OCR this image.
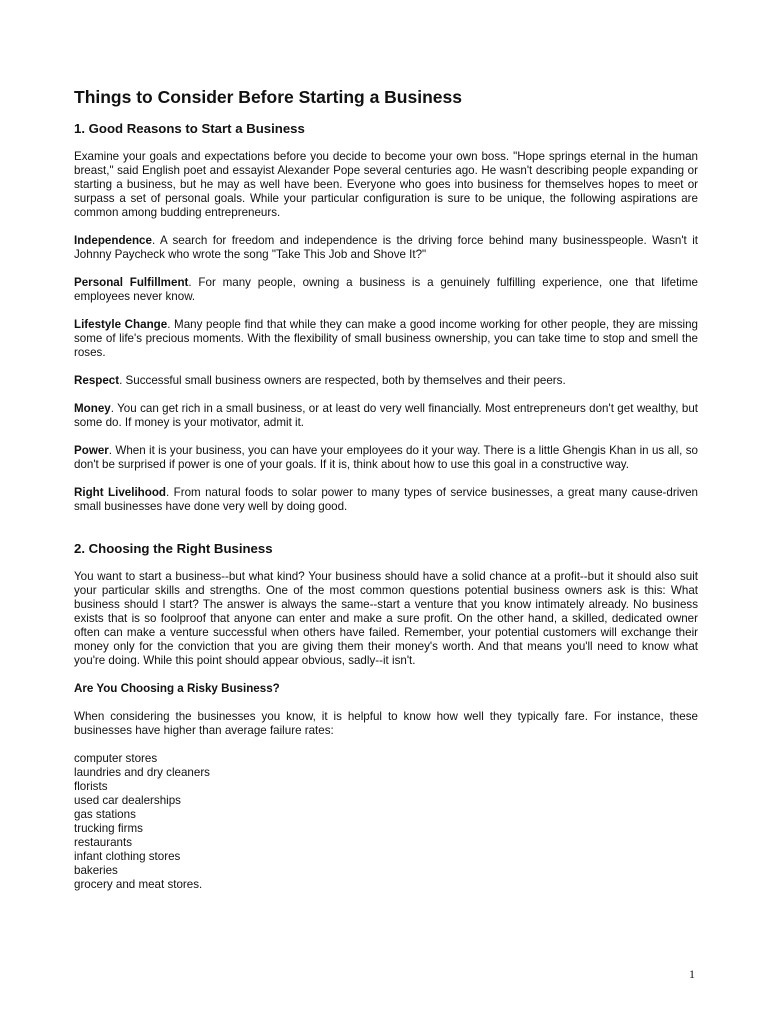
Things to Consider Before Starting a Business
1. Good Reasons to Start a Business

Examine your goals and expectations before you decide to become your own boss. "Hope springs eternal in the human breast," said English poet and essayist Alexander Pope several centuries ago. He wasn't describing people expanding or starting a business, but he may as well have been. Everyone who goes into business for themselves hopes to meet or surpass a set of personal goals. While your particular configuration is sure to be unique, the following aspirations are common among budding entrepreneurs.

Independence. A search for freedom and independence is the driving force behind many businesspeople. Wasn't it Johnny Paycheck who wrote the song "Take This Job and Shove It?"

Personal Fulfillment. For many people, owning a business is a genuinely fulfilling experience, one that lifetime employees never know.

Lifestyle Change. Many people find that while they can make a good income working for other people, they are missing some of life's precious moments. With the flexibility of small business ownership, you can take time to stop and smell the roses.

Respect. Successful small business owners are respected, both by themselves and their peers.

Money. You can get rich in a small business, or at least do very well financially. Most entrepreneurs don't get wealthy, but some do. If money is your motivator, admit it.

Power. When it is your business, you can have your employees do it your way. There is a little Ghengis Khan in us all, so don't be surprised if power is one of your goals. If it is, think about how to use this goal in a constructive way.

Right Livelihood. From natural foods to solar power to many types of service businesses, a great many cause-driven small businesses have done very well by doing good.

2. Choosing the Right Business

You want to start a business--but what kind? Your business should have a solid chance at a profit--but it should also suit your particular skills and strengths. One of the most common questions potential business owners ask is this: What business should I start? The answer is always the same--start a venture that you know intimately already. No business exists that is so foolproof that anyone can enter and make a sure profit. On the other hand, a skilled, dedicated owner often can make a venture successful when others have failed. Remember, your potential customers will exchange their money only for the conviction that you are giving them their money's worth. And that means you'll need to know what you're doing. While this point should appear obvious, sadly--it isn't.

Are You Choosing a Risky Business?

When considering the businesses you know, it is helpful to know how well they typically fare. For instance, these businesses have higher than average failure rates:

computer stores
laundries and dry cleaners
florists
used car dealerships
gas stations
trucking firms
restaurants
infant clothing stores
bakeries
grocery and meat stores.
1
